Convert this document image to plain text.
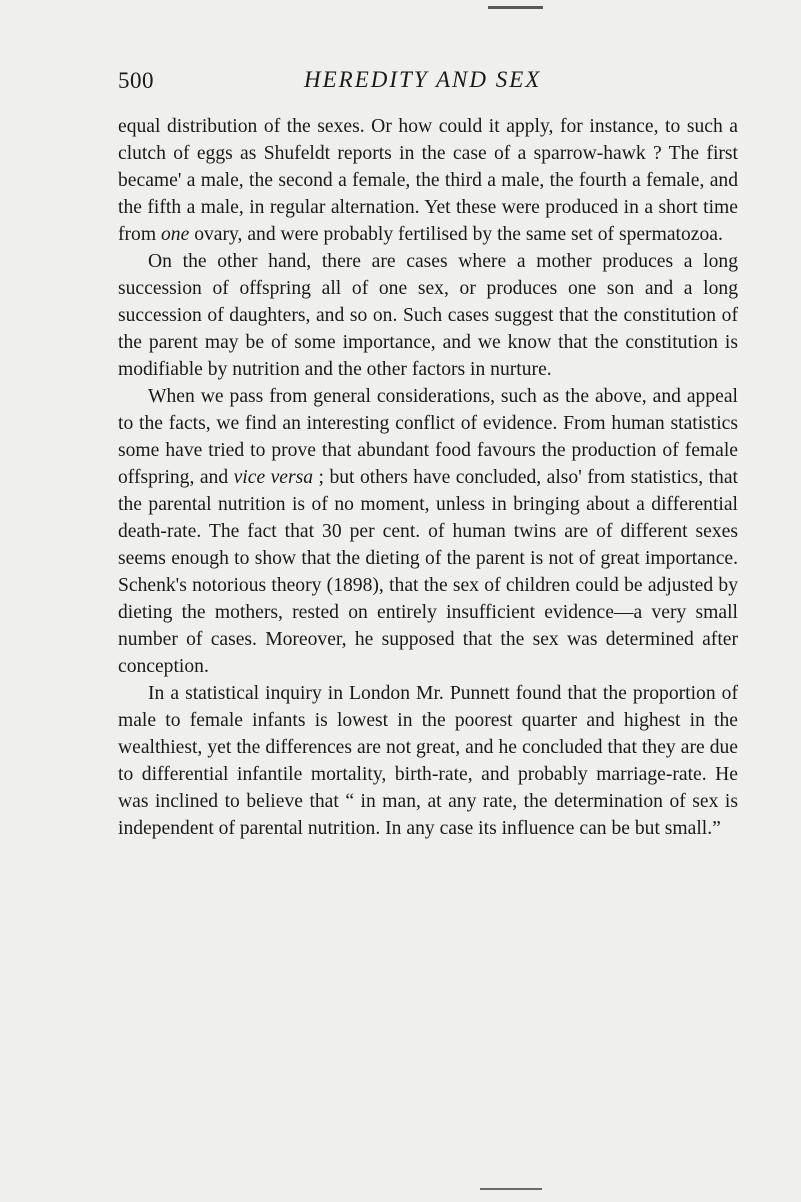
500	HEREDITY AND SEX

equal distribution of the sexes. Or how could it apply, for instance, to such a clutch of eggs as Shufeldt reports in the case of a sparrow-hawk ? The first became' a male, the second a female, the third a male, the fourth a female, and the fifth a male, in regular alternation. Yet these were produced in a short time from one ovary, and were probably fertilised by the same set of spermatozoa.

On the other hand, there are cases where a mother produces a long succession of offspring all of one sex, or produces one son and a long succession of daughters, and so on. Such cases suggest that the constitution of the parent may be of some importance, and we know that the constitution is modifiable by nutrition and the other factors in nurture.

When we pass from general considerations, such as the above, and appeal to the facts, we find an interesting conflict of evidence. From human statistics some have tried to prove that abundant food favours the production of female offspring, and vice versa ; but others have concluded, also' from statistics, that the parental nutrition is of no moment, unless in bringing about a differential death-rate. The fact that 30 per cent. of human twins are of different sexes seems enough to show that the dieting of the parent is not of great importance. Schenk's notorious theory (1898), that the sex of children could be adjusted by dieting the mothers, rested on entirely insufficient evidence—a very small number of cases. Moreover, he supposed that the sex was determined after conception.

In a statistical inquiry in London Mr. Punnett found that the proportion of male to female infants is lowest in the poorest quarter and highest in the wealthiest, yet the differences are not great, and he concluded that they are due to differential infantile mortality, birth-rate, and probably marriage-rate. He was inclined to believe that “ in man, at any rate, the determination of sex is independent of parental nutrition. In any case its influence can be but small.”
